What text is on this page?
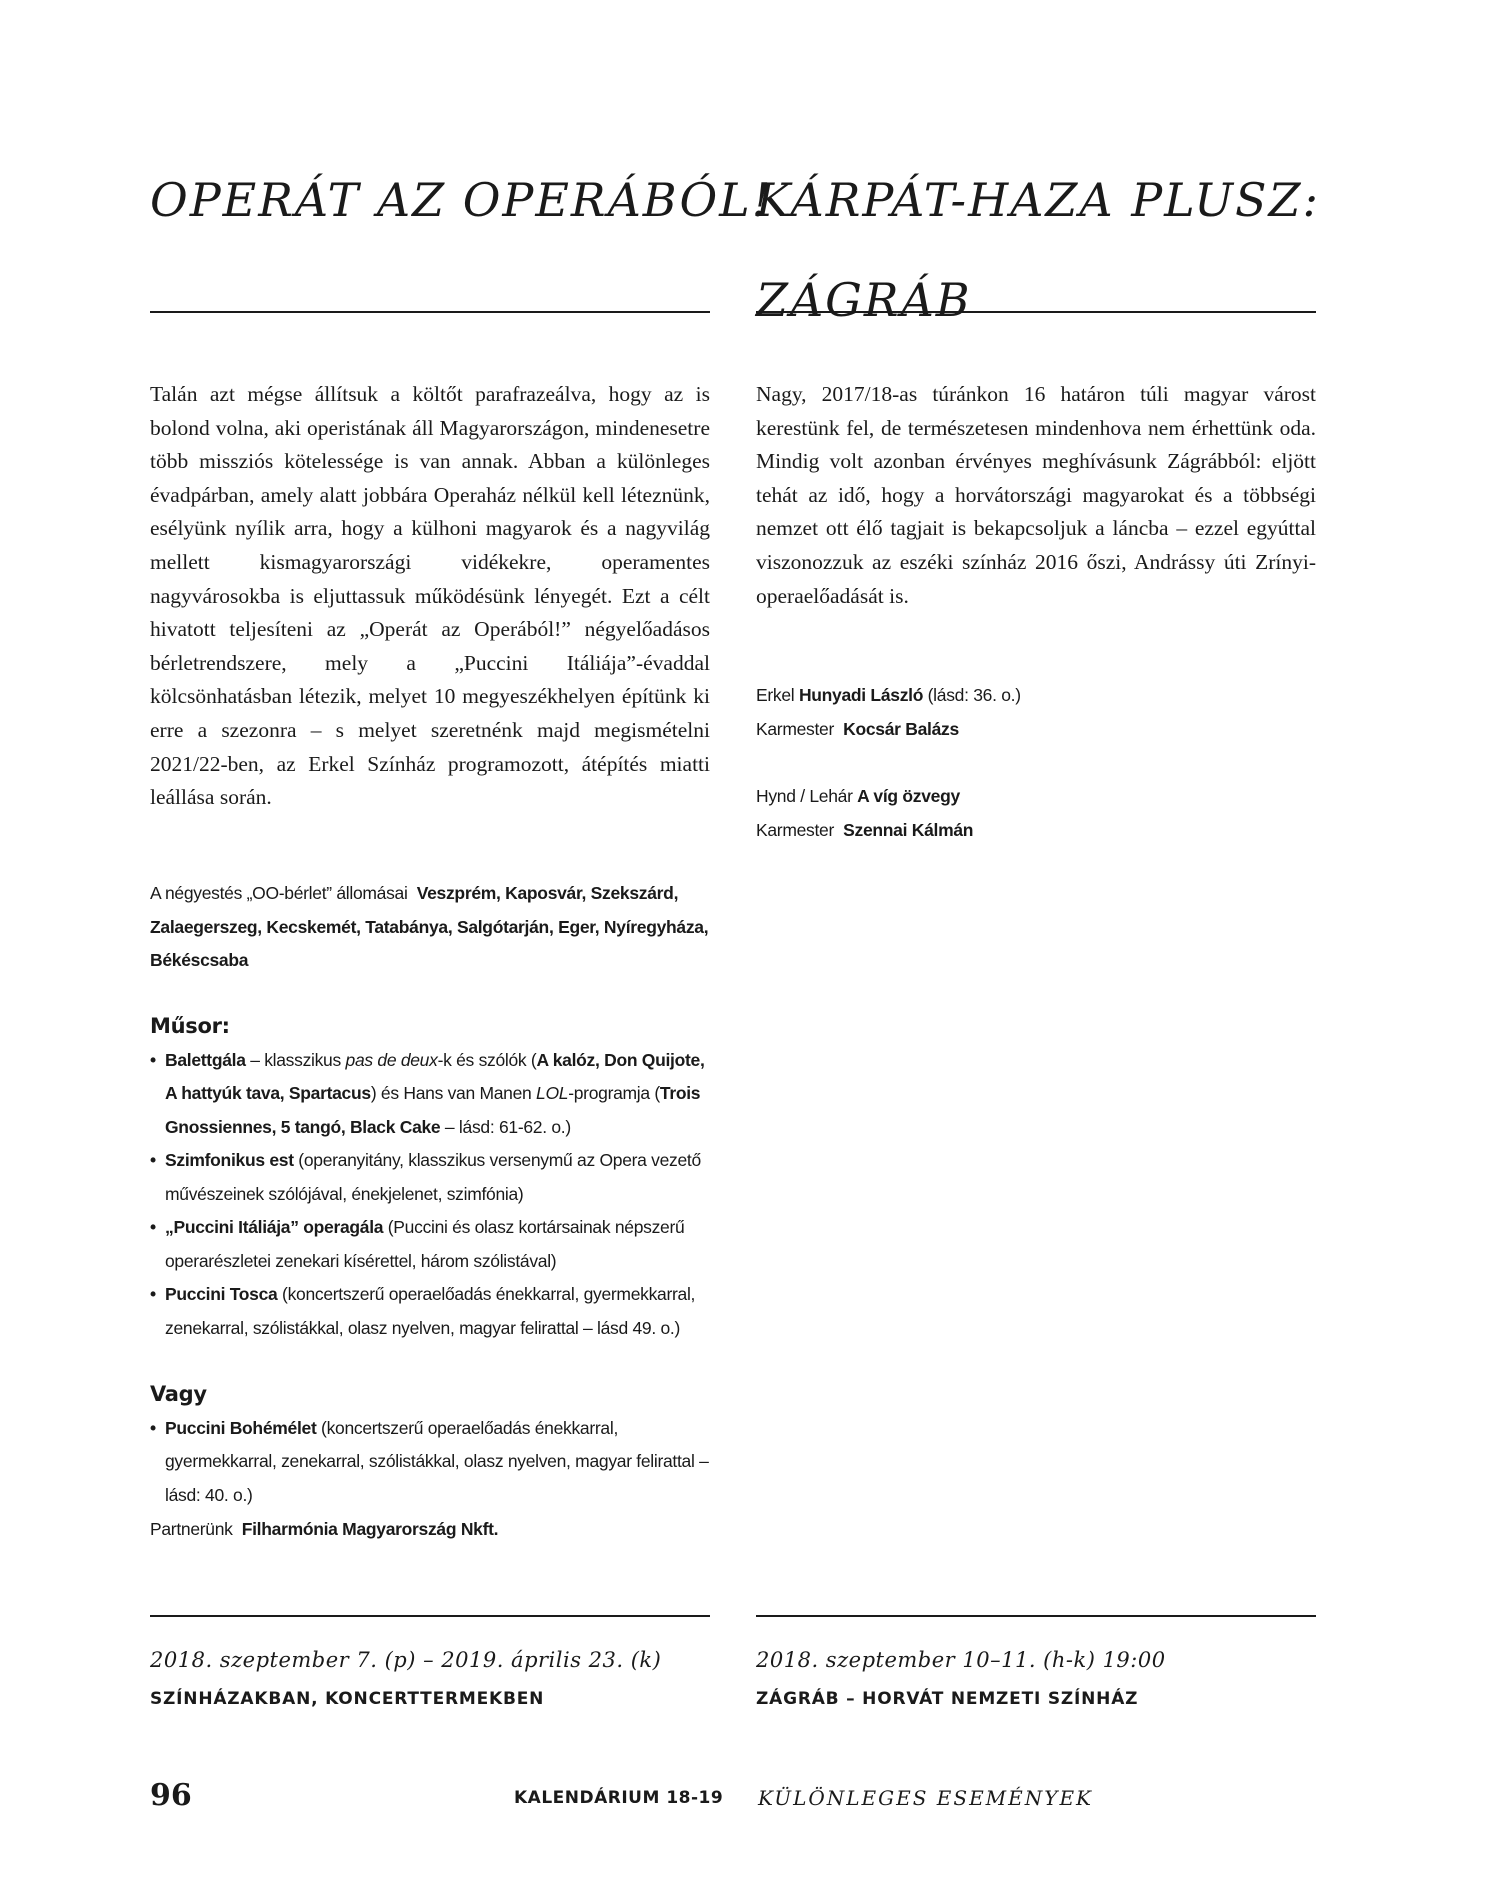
OPERÁT AZ OPERÁBÓL!

Talán azt mégse állítsuk a költőt parafrazeálva, hogy az is bolond volna, aki operistának áll Magyarországon, mindenesetre több missziós kötelessége is van annak. Abban a különleges évadpárban, amely alatt jobbára Operaház nélkül kell léteznünk, esélyünk nyílik arra, hogy a külhoni magyarok és a nagyvilág mellett kismagyarországi vidékekre, operamentes nagyvárosokba is eljuttassuk működésünk lényegét. Ezt a célt hivatott teljesíteni az „Operát az Operából!” négyelőadásos bérletrendszere, mely a „Puccini Itáliája”-évaddal kölcsönhatásban létezik, melyet 10 megyeszékhelyen építünk ki erre a szezonra – s melyet szeretnénk majd megismételni 2021/22-ben, az Erkel Színház programozott, átépítés miatti leállása során.

A négyestés „OO-bérlet” állomásai Veszprém, Kaposvár, Szekszárd, Zalaegerszeg, Kecskemét, Tatabánya, Salgótarján, Eger, Nyíregyháza, Békéscsaba

Műsor:

• Balettgála – klasszikus pas de deux-k és szólók (A kalóz, Don Quijote, A hattyúk tava, Spartacus) és Hans van Manen LOL-programja (Trois Gnossiennes, 5 tangó, Black Cake – lásd: 61-62. o.)
• Szimfonikus est (operanyitány, klasszikus versenymű az Opera vezető művészeinek szólójával, énekjelenet, szimfónia)
• „Puccini Itáliája” operagála (Puccini és olasz kortársainak népszerű operarészletei zenekari kísérettel, három szólistával)
• Puccini Tosca (koncertszerű operaelőadás énekkarral, gyermekkarral, zenekarral, szólistákkal, olasz nyelven, magyar felirattal – lásd 49. o.)

Vagy

• Puccini Bohémélet (koncertszerű operaelőadás énekkarral, gyermekkarral, zenekarral, szólistákkal, olasz nyelven, magyar felirattal – lásd: 40. o.)
Partnerünk Filharmónia Magyarország Nkft.
2018. szeptember 7. (p) – 2019. április 23. (k)
SZÍNHÁZAKBAN, KONCERTTERMEKBEN
KÁRPÁT-HAZA PLUSZ:
ZÁGRÁB

Nagy, 2017/18-as túránkon 16 határon túli magyar várost kerestünk fel, de természetesen mindenhova nem érhettünk oda. Mindig volt azonban érvényes meghívásunk Zágrábból: eljött tehát az idő, hogy a horvátországi magyarokat és a többségi nemzet ott élő tagjait is bekapcsoljuk a láncba – ezzel egyúttal viszonozzuk az eszéki színház 2016 őszi, Andrássy úti Zrínyi-operaelőadását is.

Erkel Hunyadi László (lásd: 36. o.)
Karmester Kocsár Balázs
Hynd / Lehár A víg özvegy
Karmester Szennai Kálmán
2018. szeptember 10–11. (h-k) 19:00
ZÁGRÁB – HORVÁT NEMZETI SZÍNHÁZ
96	KALENDÁRIUM 18-19 KÜLÖNLEGES ESEMÉNYEK
